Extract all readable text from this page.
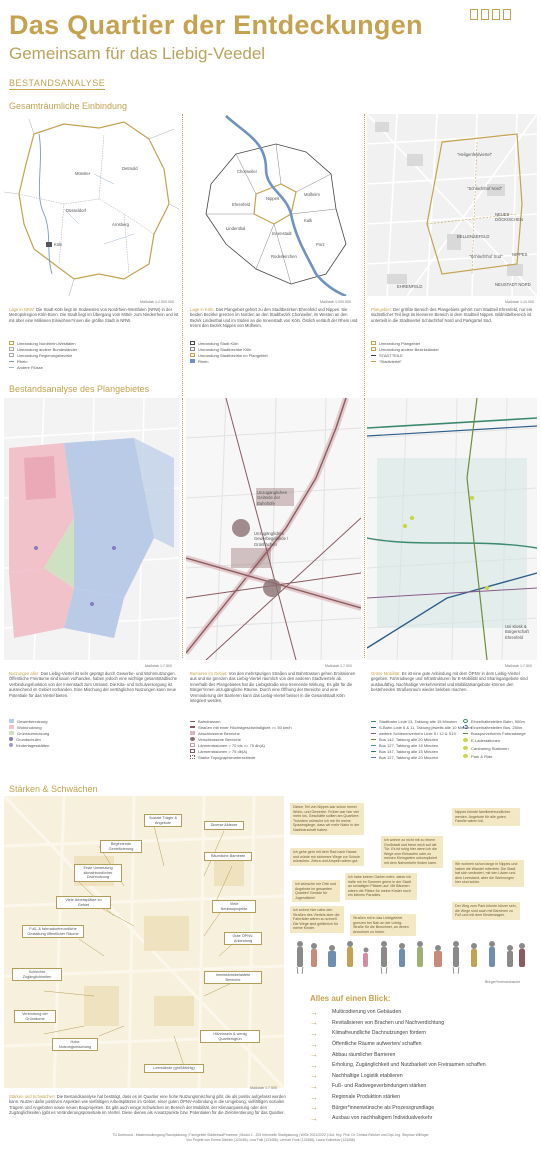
Das Quartier der Entdeckungen
Gemeinsam für das Liebig-Veedel
BESTANDSANALYSE
Gesamträumliche Einbindung
Münster
Detmold
Arnsberg
Düsseldorf
Köln
Chorweiler
Mülheim
Nippes
Ehrenfeld
Kalk
Lindenthal
Innenstadt
Porz
Rodenkirchen
"Heligenfeldviertel"
"Schlachthof Nord"
NEUES DÖCKISCHEN
BELLENSEFELD
"Schlachthof Süd" NIPPES
EHRENFELD	NEUSTADT NORD
Maßstab 1:1.500.000	Maßstab 1:200.000	Maßstab 1:10.000
Lage in NRW: Die Stadt Köln liegt im Südwesten von Nordrhein-Westfalen (NRW) in der Metropolregion Köln-Bonn. Die Stadt liegt im Übergang vom Mittel- zum Niederrhein und ist mit über eine Millionen Einwohner*innen die größte Stadt in NRW.
Lage in Köln: Das Plangebiet gehört zu den Stadtbezirken Ehrenfeld und Nippes. Sie beiden Bezirke grenzen im Norden an den Stadtbezirk Chorweiler, im Westen an den Bezirk Lindenthal und im Süden an die Innenstadt von Köln. Östlich verläuft der Rhein und trennt den Bezirk Nippes von Mülheim.
Plangebiet: Der größte Bereich des Plangebiets gehört zum Stadtteil Ehrenfeld, nur ein südöstlicher Teil liegt im kleineren Bereich in dem Stadtteil Nippes. Bildmittelbereich ist unterteilt in die Stadtviertel Schlachthof Nord und Parkgürtel Süd.
Umrandung Nordrhein-Westfalen
Umrandung andere Bundesländer
Umrandung Regierungsbezirke
Rhein
Andere Flüsse
Umrandung Stadt Köln
Umrandung Stadtbezirke Köln
Umrandung Stadtbezirke im Plangebiet
Rhein
Umrandung Plangebiet
Umrandung andere Bezirksländer
STADTTEILE
"Stadtviertel"
Bestandsanalyse des Plangebietes
Unzugängliches Gelände der Bahnhöfe
Unzugängliches Gewerbegelände / Grünflächen
Uni Kiosk & Bürgerschaft Ehrenfeld
Maßstab 1:7.500	Maßstab 1:7.500	Maßstab 1:7.500
Nutzungen aller: Das Liebig-Viertel ist sehr geprägt durch Gewerbe- und Wohnnutzungen. Öffentliche Freiräume sind kaum vorhanden, haben jedoch eine wichtige gesamtstädtische Verbindungsfunktion von der Innenstadt zum Umland. Die Kita- und Schulversorgung ist ausreichend im Gebiet vorhanden. Eine Mischung der verträglichen Nutzungen kann neue Potentiale für das Viertel bieten.
Barrieren im Gebiet: Von den mehrspurigen Straßen und Bahntrassen gehen Emissionen aus und sie grenzen das Liebig-Viertel räumlich von den anderen Stadtvierteln ab. Innerhalb des Plangebietes hat die Liebigstraße eine trennende Wirkung. Es gibt für die Bürger*innen unzugängliche Räume. Durch eine Öffnung der Bereiche und eine Verminderung der Barrieren kann das Liebig-Viertel besser in die Gesamtstadt Köln integriert werden.
Grüne Mobilität: Es ist eine gute Anbindung mit dem ÖPNV in dem Liebig-Viertel gegeben. Fahrradwege und Infrastrukturen für E-Mobilität und Sharingangebote sind ausbaufähig. Nachhaltige Verkehrsmittel und Mobilitätsangebote können den bestehenden Straßenraum wieder beleben machen.
Gewerbenutzung
Wohnnutzung
Grünraumnutzung
Grundschulen
Kindertagesstätten
Bahntrassen
Straßen mit einer Höchstgeschwindigkeit >= 50 km/h
Abschlossene Bereiche
Verschlossene Bereiche
Lärmemissionen > 70 bis <= 75 db(A)
Lärmemissionen > 75 db(A)
Starke Topographieunterschiede
Stadtbahn Linie 13, Taktung alle 15 Minuten
S-Bahn Linie 6 & 11, Taktung jeweils alle 10 Minuten
weitere Schienenverkehr Linie 5 / 12 & S19
Bus 142, Taktung alle 20 Minuten
Bus 127, Taktung alle 15 Minuten
Bus 147, Taktung alle 15 Minuten
Bus 127, Taktung alle 20 Minuten
Einzelhaltestellen Bahn, 500m
Einzelhaltestellen Bus, 250m
Busspurverkehrs Fahrradwege
E-Ladestationen
Carsharing Stationen
Park & Ride
Stärken & Schwächen
Soziale Träger & Angebote
Diverse Akteure
Beginnende Gentrifizierung
Räumliche Barrieren
Erste Umsetzung klimafreundlicher Dachnutzung
Viele Arbeitsplätze im Gebiet	Viele Neubauprojekte
Fuß- & fahrradunfreundliche Gestaltung öffentlicher Räume
Gute ÖPNV-Anbindung
Schlechte Zugänglichkeiten	Immissionsbelastete Bereiche
Verbindung der Grünräume
Hohe Nutzungsmischung
Hitzeinseln & wenig Quartiersgrün
Leerstände (großflächig)
Maßstab 1:7.500
Stärken und Schwächen: Die Bestandsanalyse hat bestätigt, dass es im Quartier eine hohe Nutzungsmischung gibt, die als positiv aufgefasst werden kann. Nutzen dafür positiven Aspekten wie vielfältigen Arbeitsplätzen im Gebiet, einer guten ÖPNV-Anbindung in die Umgebung, vielfältigen sozialen Trägern und Angeboten sowie neuen Bauprojekten. Es gibt auch einige Schwächen im Bereich der Mobilität, der Klimaanpassung oder den Zugänglichkeiten (gibt es Veränderungspotentiale im Viertel. Diese dienen als Ansatzpunkte bzw. Potentialen für die Zielorientierung für das Quartier.
Dieser Teil von Nippes war schon immer Wohn- und Gewerbe. Früher war hier viel mehr los, Geschäfte sollten am Quartiere. Trotzdem wünsche ich mir für meine Spaziergänge, dass wir mehr Natur in der Nachbarschaft haben.
Nippes könnte familienfreundlicher werden. Angebote für alle guten Familie wären toll.
Ich gehe gern mit dem Rad nach Hause und würde mir sicherere Wege zur Schule wünschen. Zebra und Ampeln wären gut.
Ich wohne zu nicht mit zu einem Großstadt und freue mich auf die Tür. Es ist ruhig hier wenn ich die Wege zum Einkaufen oder zu meinen Kleingarten unkompliziert mit dem Nahverkehr finden kann.
Ich wünsche mir Orte und Angebote im gesamten Quartier! Gerade für Jugendliche!
Wir wohnen schon lange in Nippes und haben die Wandel miterlebt. Die Stadt hat sich verändert, mit den Läden und dem Leerstand, aber die Wohnungen hier sind schön.
Ich habe keinen Garten mehr, daher ich halte mir im Sommer gerne in der Stadt an schattigen Plätzen auf. Mit Bäumen wären die Plätze für meine Kinder noch ein kleines Paradies.
Ich wohne hier nahe den Straßen des Viertels aber die Fahrräder wären zu schnell. Die Wege sind gefährlich für meine Kinder.
Der Weg zum Park könnte kürzer sein, die Wege sind auch mit Barrieren zu Fuß und mit dem Kinderwagen.
Straßen mit in das Liebigviertel grenzen bei Nah an der Liebig-Straße für die Bewohner, an denen Anwohner zu hören.
Bürger*innenwünsche
Alles auf einen Blick:
→	Multicodierung von Gebäuden
→	Revitalisieren von Brachen und Nachverdichtung
→	Klimafreundliche Dachnutzungen fördern
→	Öffentliche Räume aufwerten/ schaffen
→	Abbau räumlicher Barrieren
→	Erholung, Zugänglichkeit und Nutzbarkeit von Freiraumen schaffen
→	Nachhaltige Logistik etablieren
→	Fuß- und Radwegeverbindungen stärken
→	Regionale Produktion stärken
→	Bürger*innenwünsche als Prozessgrundlage
→	Ausbau von nachhaltigem Individualverkehr
TU Dortmund - Masterstudiengang Raumplanung | Fachgebiet Städtebau/Prozesse | Modul 2 - 203 Informelle Stadtplanung | WiSe 2021/2022 | Gut: Hrg. Prof. Dr. Christa Reicher und Dipl.-Ing. Stephan Willinger
Von Projekt von Emma Dietrich (123456), Lina Falk (123456), Lennart Funk (123456), Laura Kolinekov (123456)
